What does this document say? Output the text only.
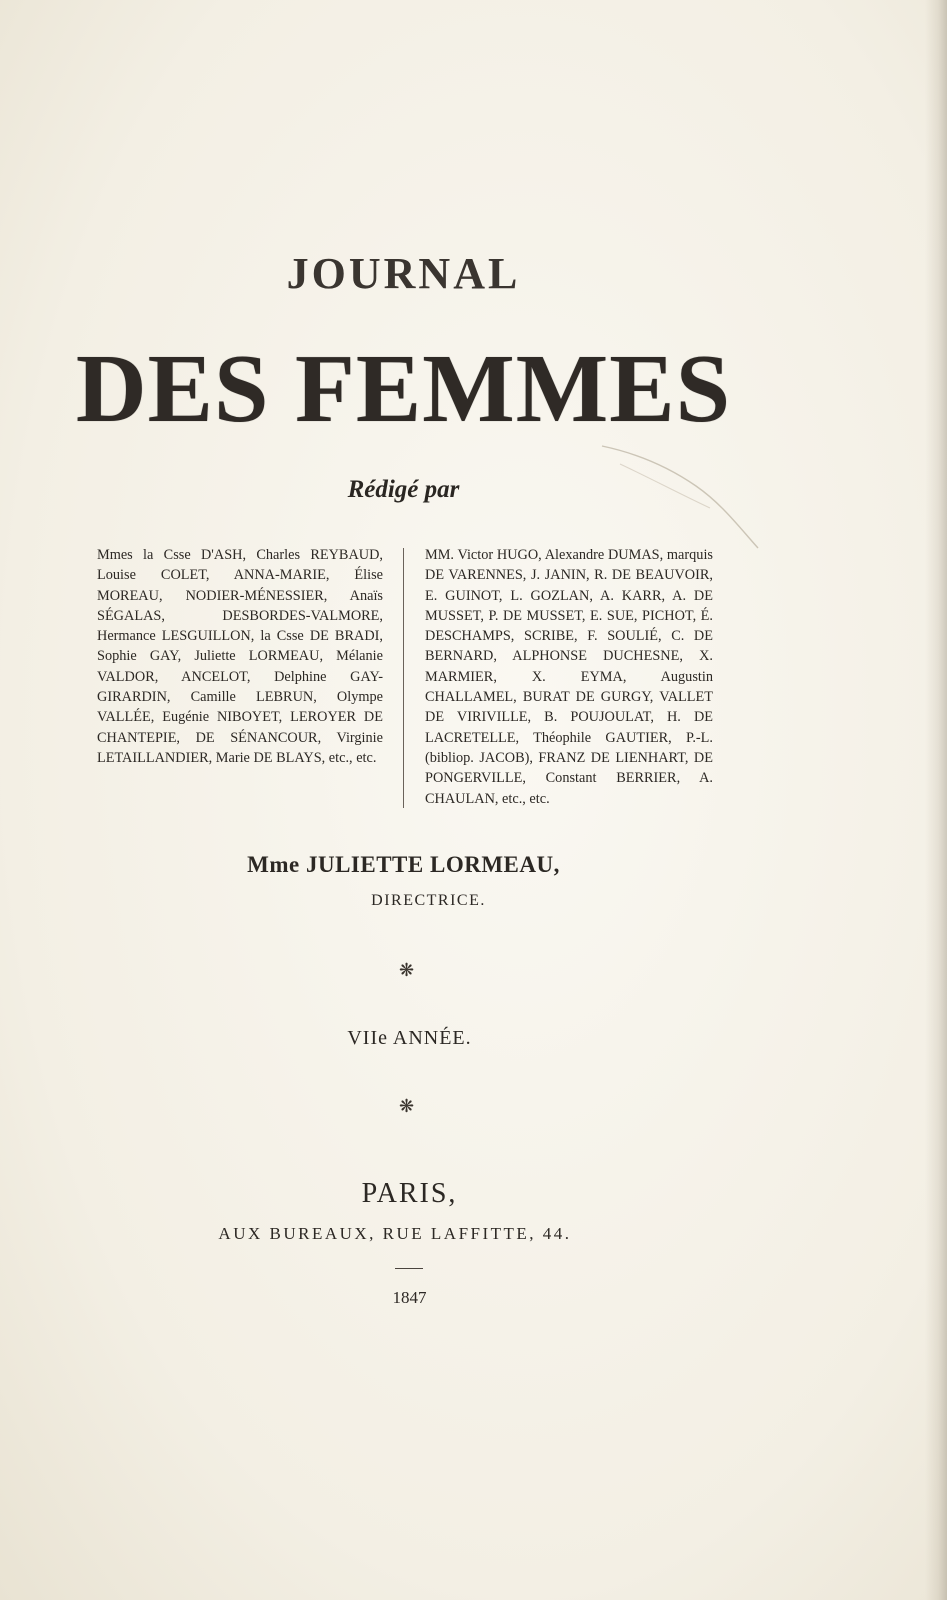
JOURNAL
DES FEMMES
Rédigé par
Mmes la Csse D'ASH, Charles REYBAUD, Louise COLET, ANNA-MARIE, Élise MOREAU, NODIER-MÉNESSIER, Anaïs SÉGALAS, DESBORDES-VALMORE, Hermance LESGUILLON, la Csse DE BRADI, Sophie GAY, Juliette LORMEAU, Mélanie VALDOR, ANCELOT, Delphine GAY-GIRARDIN, Camille LEBRUN, Olympe VALLÉE, Eugénie NIBOYET, LEROYER DE CHANTEPIE, DE SÉNANCOUR, Virginie LETAILLANDIER, Marie DE BLAYS, etc., etc.
MM. Victor HUGO, Alexandre DUMAS, marquis DE VARENNES, J. JANIN, R. DE BEAUVOIR, E. GUINOT, L. GOZLAN, A. KARR, A. DE MUSSET, P. DE MUSSET, E. SUE, PICHOT, É. DESCHAMPS, SCRIBE, F. SOULIÉ, C. DE BERNARD, ALPHONSE DUCHESNE, X. MARMIER, X. EYMA, Augustin CHALLAMEL, BURAT DE GURGY, VALLET DE VIRIVILLE, B. POUJOULAT, H. DE LACRETELLE, Théophile GAUTIER, P.-L. (bibliop. JACOB), FRANZ DE LIENHART, DE PONGERVILLE, Constant BERRIER, A. CHAULAN, etc., etc.
Mme JULIETTE LORMEAU,
DIRECTRICE.
❋
VIIe ANNÉE.
❋
PARIS,
AUX BUREAUX, RUE LAFFITTE, 44.
1847
